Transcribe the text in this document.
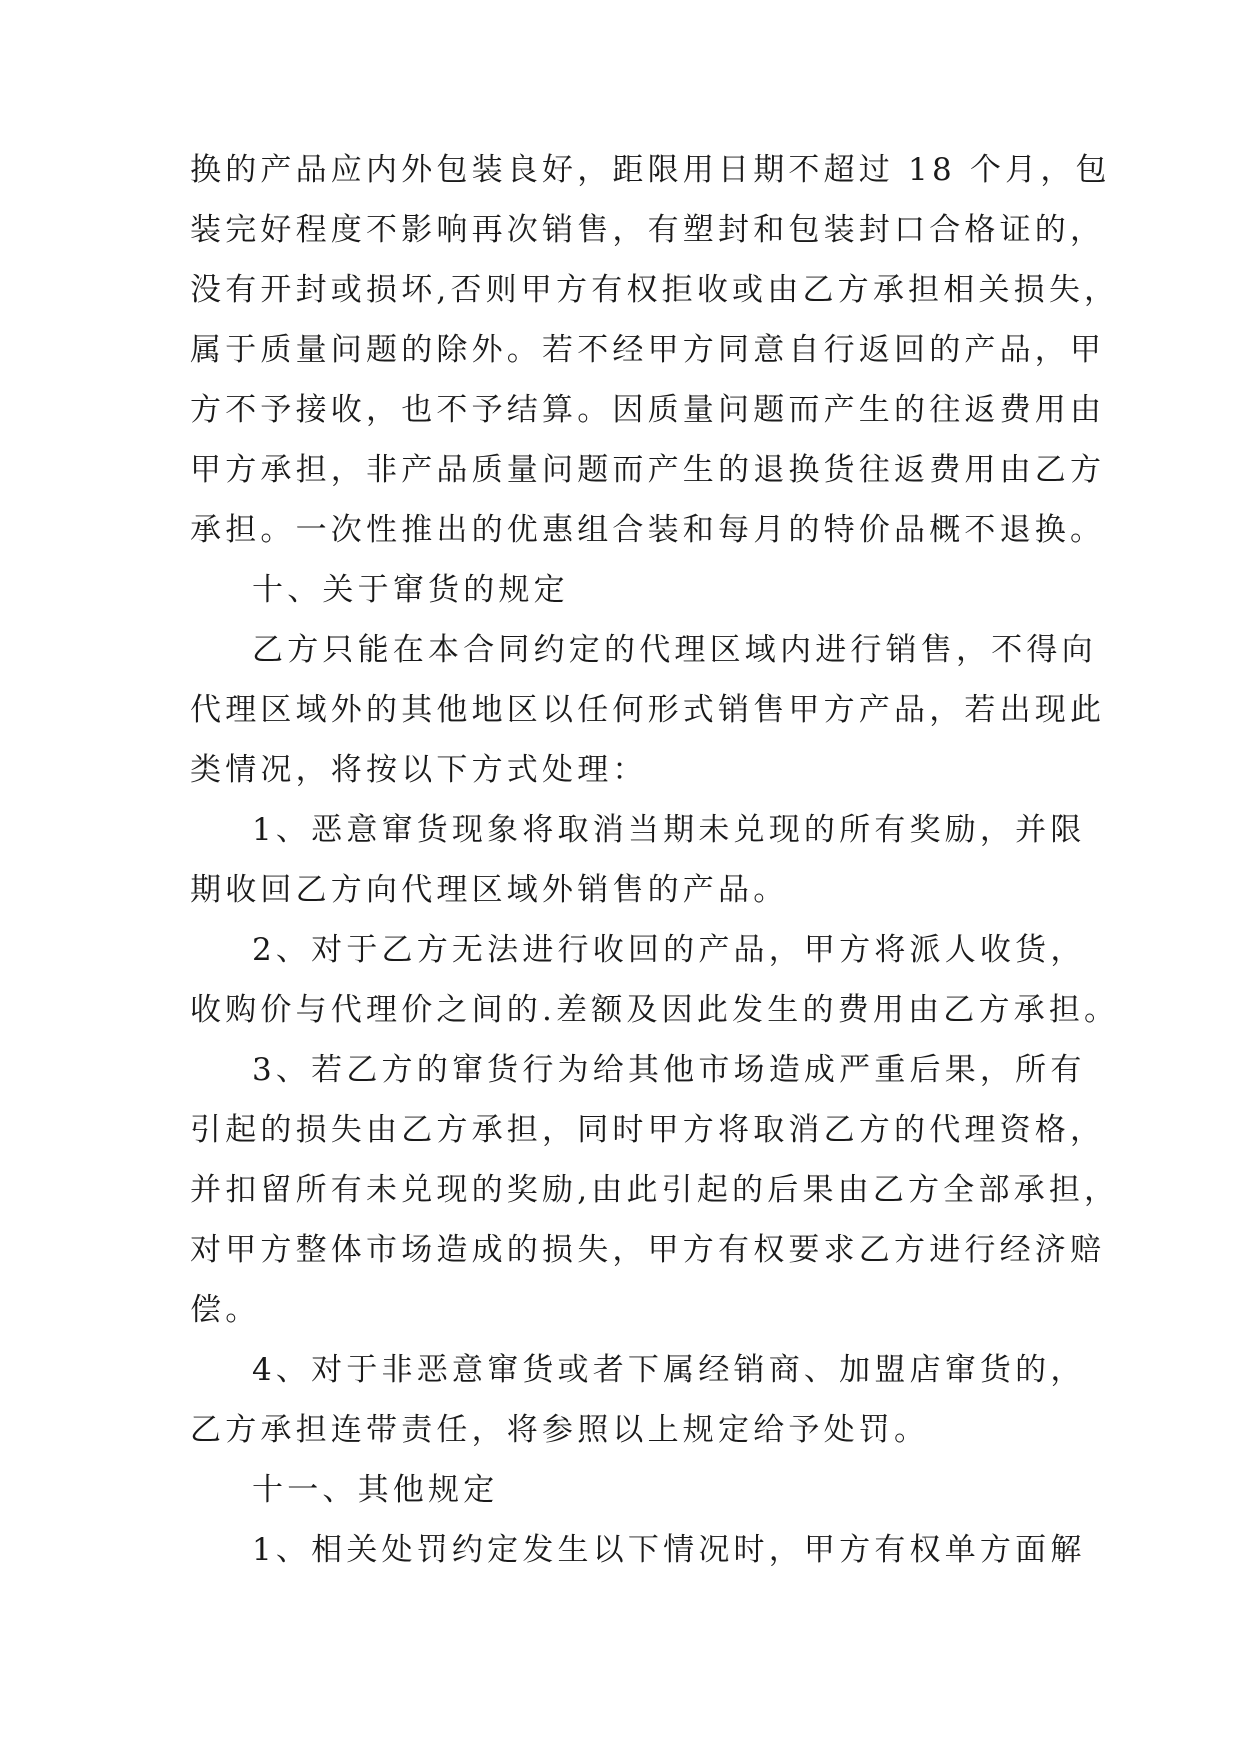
换的产品应内外包装良好，距限用日期不超过 18 个月，包
装完好程度不影响再次销售，有塑封和包装封口合格证的，
没有开封或损坏,否则甲方有权拒收或由乙方承担相关损失，
属于质量问题的除外。若不经甲方同意自行返回的产品，甲
方不予接收，也不予结算。因质量问题而产生的往返费用由
甲方承担，非产品质量问题而产生的退换货往返费用由乙方
承担。一次性推出的优惠组合装和每月的特价品概不退换。
十、关于窜货的规定
乙方只能在本合同约定的代理区域内进行销售，不得向
代理区域外的其他地区以任何形式销售甲方产品，若出现此
类情况，将按以下方式处理：
1、恶意窜货现象将取消当期未兑现的所有奖励，并限
期收回乙方向代理区域外销售的产品。
2、对于乙方无法进行收回的产品，甲方将派人收货，
收购价与代理价之间的.差额及因此发生的费用由乙方承担。
3、若乙方的窜货行为给其他市场造成严重后果，所有
引起的损失由乙方承担，同时甲方将取消乙方的代理资格，
并扣留所有未兑现的奖励,由此引起的后果由乙方全部承担，
对甲方整体市场造成的损失，甲方有权要求乙方进行经济赔
偿。
4、对于非恶意窜货或者下属经销商、加盟店窜货的，
乙方承担连带责任，将参照以上规定给予处罚。
十一、其他规定
1、相关处罚约定发生以下情况时，甲方有权单方面解
